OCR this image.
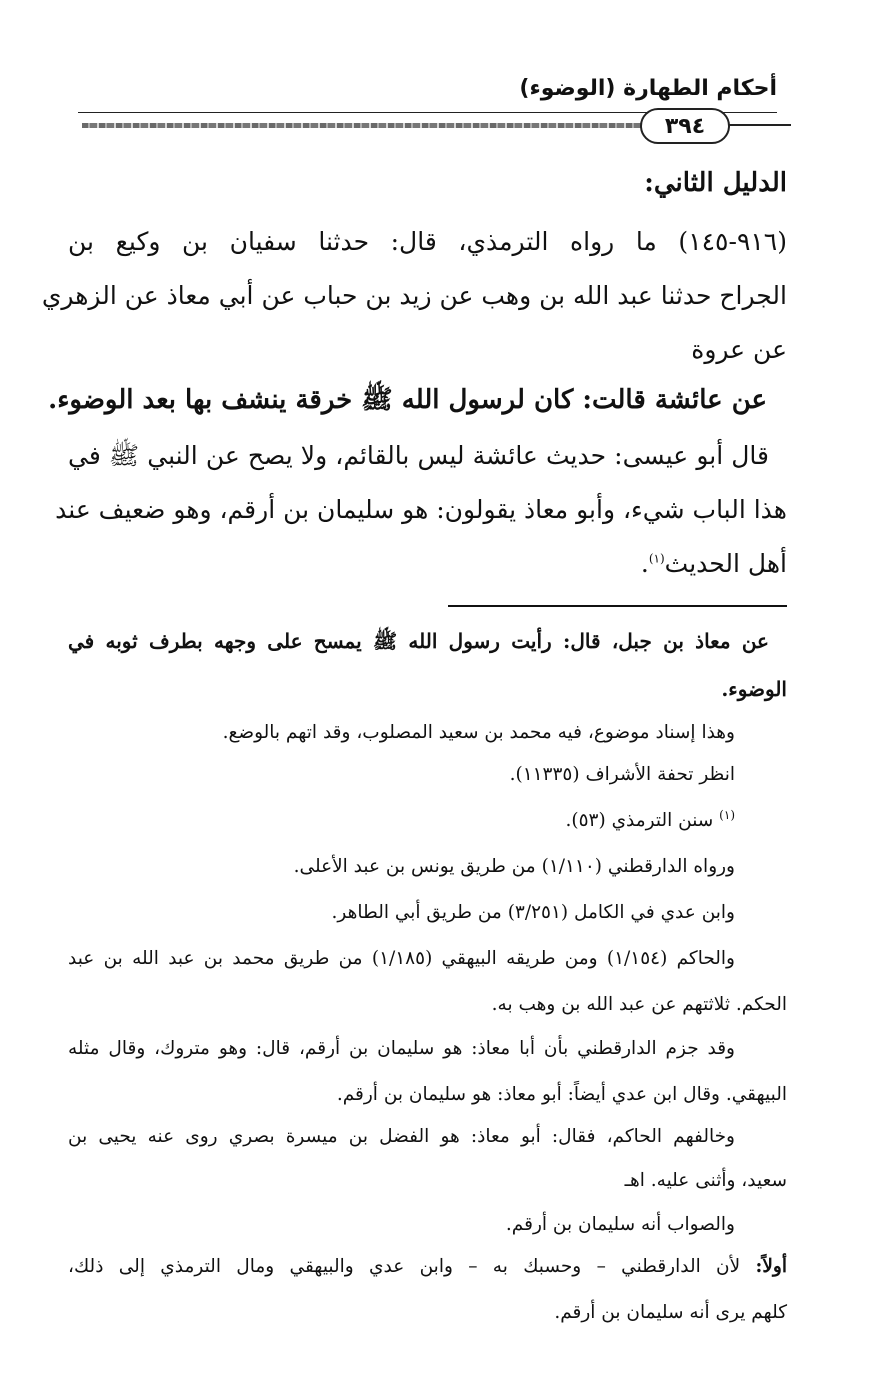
أحكام الطهارة (الوضوء)
٣٩٤
الدليل الثاني:
(٩١٦-١٤٥) ما رواه الترمذي، قال: حدثنا سفيان بن وكيع بن
الجراح حدثنا عبد الله بن وهب عن زيد بن حباب عن أبي معاذ عن الزهري
عن عروة
عن عائشة قالت: كان لرسول الله ﷺ خرقة ينشف بها بعد الوضوء.
قال أبو عيسى: حديث عائشة ليس بالقائم، ولا يصح عن النبي ﷺ في
هذا الباب شيء، وأبو معاذ يقولون: هو سليمان بن أرقم، وهو ضعيف عند
أهل الحديث$^{(١)}$.
عن معاذ بن جبل، قال: رأيت رسول الله ﷺ يمسح على وجهه بطرف ثوبه في
الوضوء.
وهذا إسناد موضوع، فيه محمد بن سعيد المصلوب، وقد اتهم بالوضع.
انظر تحفة الأشراف (١١٣٣٥).
$^{(١)}$ سنن الترمذي (٥٣).
ورواه الدارقطني (١/١١٠) من طريق يونس بن عبد الأعلى.
وابن عدي في الكامل (٣/٢٥١) من طريق أبي الطاهر.
والحاكم (١/١٥٤) ومن طريقه البيهقي (١/١٨٥) من طريق محمد بن عبد الله بن عبد
الحكم. ثلاثتهم عن عبد الله بن وهب به.
وقد جزم الدارقطني بأن أبا معاذ: هو سليمان بن أرقم، قال: وهو متروك، وقال مثله
البيهقي. وقال ابن عدي أيضاً: أبو معاذ: هو سليمان بن أرقم.
وخالفهم الحاكم، فقال: أبو معاذ: هو الفضل بن ميسرة بصري روى عنه يحيى بن
سعيد، وأثنى عليه. اهـ
والصواب أنه سليمان بن أرقم.
أولاً: لأن الدارقطني – وحسبك به – وابن عدي والبيهقي ومال الترمذي إلى ذلك،
كلهم يرى أنه سليمان بن أرقم.
